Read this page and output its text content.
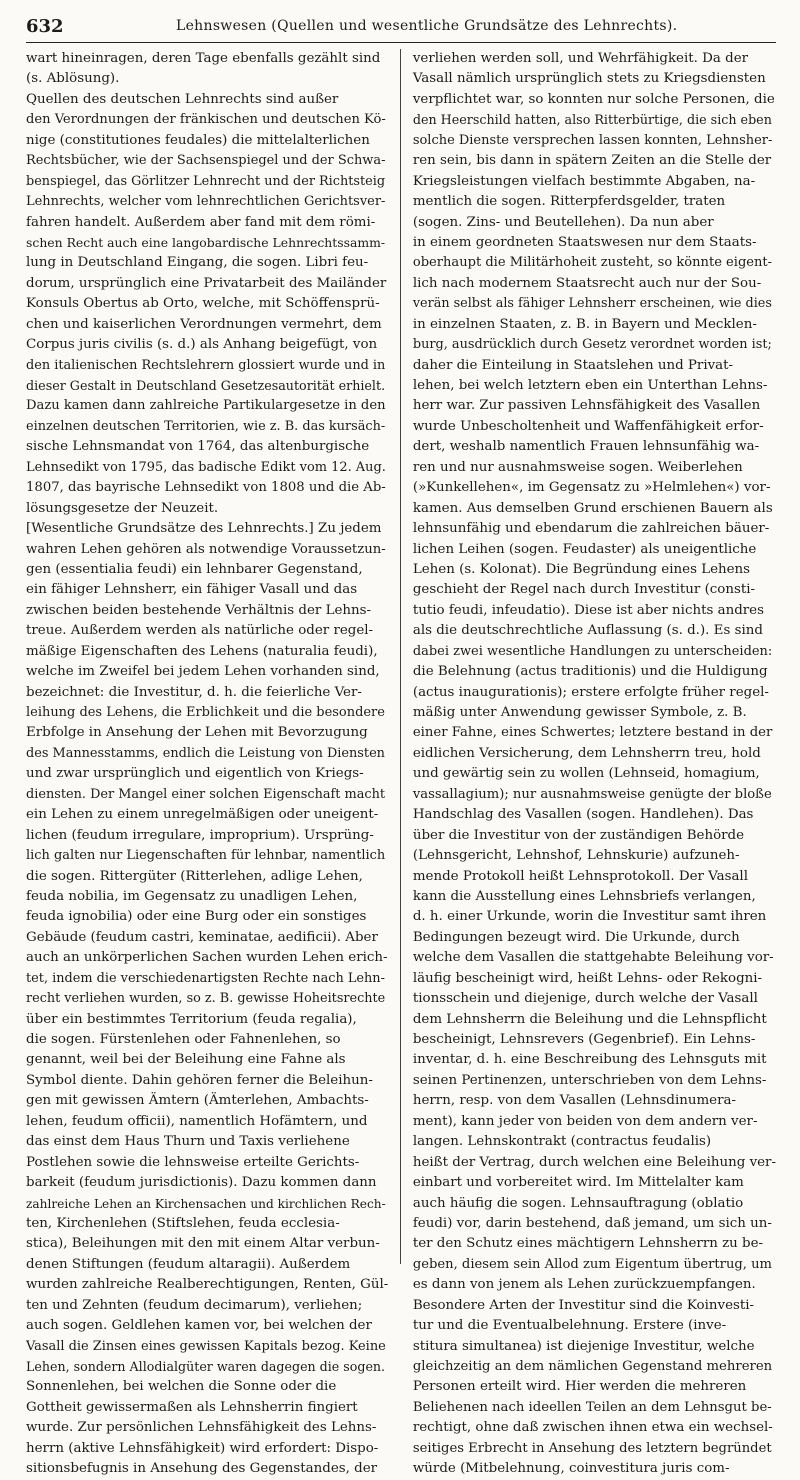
632	Lehnswesen (Quellen und wesentliche Grundsätze des Lehnrechts).
wart hineinragen, deren Tage ebenfalls gezählt sind
(s. Ablösung).
Quellen des deutschen Lehnrechts sind außer
den Verordnungen der fränkischen und deutschen Kö-
nige (constitutiones feudales) die mittelalterlichen
Rechtsbücher, wie der Sachsenspiegel und der Schwa-
benspiegel, das Görlitzer Lehnrecht und der Richtsteig
Lehnrechts, welcher vom lehnrechtlichen Gerichtsver-
fahren handelt. Außerdem aber fand mit dem römi-
schen Recht auch eine langobardische Lehnrechtssamm-
lung in Deutschland Eingang, die sogen. Libri feu-
dorum, ursprünglich eine Privatarbeit des Mailänder
Konsuls Obertus ab Orto, welche, mit Schöffensprü-
chen und kaiserlichen Verordnungen vermehrt, dem
Corpus juris civilis (s. d.) als Anhang beigefügt, von
den italienischen Rechtslehrern glossiert wurde und in
dieser Gestalt in Deutschland Gesetzesautorität erhielt.
Dazu kamen dann zahlreiche Partikulargesetze in den
einzelnen deutschen Territorien, wie z. B. das kursäch-
sische Lehnsmandat von 1764, das altenburgische
Lehnsedikt von 1795, das badische Edikt vom 12. Aug.
1807, das bayrische Lehnsedikt von 1808 und die Ab-
lösungsgesetze der Neuzeit.
[Wesentliche Grundsätze des Lehnrechts.] Zu jedem
wahren Lehen gehören als notwendige Voraussetzun-
gen (essentialia feudi) ein lehnbarer Gegenstand,
ein fähiger Lehnsherr, ein fähiger Vasall und das
zwischen beiden bestehende Verhältnis der Lehns-
treue. Außerdem werden als natürliche oder regel-
mäßige Eigenschaften des Lehens (naturalia feudi),
welche im Zweifel bei jedem Lehen vorhanden sind,
bezeichnet: die Investitur, d. h. die feierliche Ver-
leihung des Lehens, die Erblichkeit und die besondere
Erbfolge in Ansehung der Lehen mit Bevorzugung
des Mannesstamms, endlich die Leistung von Diensten
und zwar ursprünglich und eigentlich von Kriegs-
diensten. Der Mangel einer solchen Eigenschaft macht
ein Lehen zu einem unregelmäßigen oder uneigent-
lichen (feudum irregulare, improprium). Ursprüng-
lich galten nur Liegenschaften für lehnbar, namentlich
die sogen. Rittergüter (Ritterlehen, adlige Lehen,
feuda nobilia, im Gegensatz zu unadligen Lehen,
feuda ignobilia) oder eine Burg oder ein sonstiges
Gebäude (feudum castri, keminatae, aedificii). Aber
auch an unkörperlichen Sachen wurden Lehen erich-
tet, indem die verschiedenartigsten Rechte nach Lehn-
recht verliehen wurden, so z. B. gewisse Hoheitsrechte
über ein bestimmtes Territorium (feuda regalia),
die sogen. Fürstenlehen oder Fahnenlehen, so
genannt, weil bei der Beleihung eine Fahne als
Symbol diente. Dahin gehören ferner die Beleihun-
gen mit gewissen Ämtern (Ämterlehen, Ambachts-
lehen, feudum officii), namentlich Hofämtern, und
das einst dem Haus Thurn und Taxis verliehene
Postlehen sowie die lehnsweise erteilte Gerichts-
barkeit (feudum jurisdictionis). Dazu kommen dann
zahlreiche Lehen an Kirchensachen und kirchlichen Rech-
ten, Kirchenlehen (Stiftslehen, feuda ecclesia-
stica), Beleihungen mit den mit einem Altar verbun-
denen Stiftungen (feudum altaragii). Außerdem
wurden zahlreiche Realberechtigungen, Renten, Gül-
ten und Zehnten (feudum decimarum), verliehen;
auch sogen. Geldlehen kamen vor, bei welchen der
Vasall die Zinsen eines gewissen Kapitals bezog. Keine
Lehen, sondern Allodialgüter waren dagegen die sogen.
Sonnenlehen, bei welchen die Sonne oder die
Gottheit gewissermaßen als Lehnsherrin fingiert
wurde. Zur persönlichen Lehnsfähigkeit des Lehns-
herrn (aktive Lehnsfähigkeit) wird erfordert: Dispo-
sitionsbefugnis in Ansehung des Gegenstandes, der
verliehen werden soll, und Wehrfähigkeit. Da der
Vasall nämlich ursprünglich stets zu Kriegsdiensten
verpflichtet war, so konnten nur solche Personen, die
den Heerschild hatten, also Ritterbürtige, die sich eben
solche Dienste versprechen lassen konnten, Lehnsher-
ren sein, bis dann in spätern Zeiten an die Stelle der
Kriegsleistungen vielfach bestimmte Abgaben, na-
mentlich die sogen. Ritterpferdsgelder, traten
(sogen. Zins- und Beutellehen). Da nun aber
in einem geordneten Staatswesen nur dem Staats-
oberhaupt die Militärhoheit zusteht, so könnte eigent-
lich nach modernem Staatsrecht auch nur der Sou-
verän selbst als fähiger Lehnsherr erscheinen, wie dies
in einzelnen Staaten, z. B. in Bayern und Mecklen-
burg, ausdrücklich durch Gesetz verordnet worden ist;
daher die Einteilung in Staatslehen und Privat-
lehen, bei welch letztern eben ein Unterthan Lehns-
herr war. Zur passiven Lehnsfähigkeit des Vasallen
wurde Unbescholtenheit und Waffenfähigkeit erfor-
dert, weshalb namentlich Frauen lehnsunfähig wa-
ren und nur ausnahmsweise sogen. Weiberlehen
(»Kunkellehen«, im Gegensatz zu »Helmlehen«) vor-
kamen. Aus demselben Grund erschienen Bauern als
lehnsunfähig und ebendarum die zahlreichen bäuer-
lichen Leihen (sogen. Feudaster) als uneigentliche
Lehen (s. Kolonat). Die Begründung eines Lehens
geschieht der Regel nach durch Investitur (consti-
tutio feudi, infeudatio). Diese ist aber nichts andres
als die deutschrechtliche Auflassung (s. d.). Es sind
dabei zwei wesentliche Handlungen zu unterscheiden:
die Belehnung (actus traditionis) und die Huldigung
(actus inaugurationis); erstere erfolgte früher regel-
mäßig unter Anwendung gewisser Symbole, z. B.
einer Fahne, eines Schwertes; letztere bestand in der
eidlichen Versicherung, dem Lehnsherrn treu, hold
und gewärtig sein zu wollen (Lehnseid, homagium,
vassallagium); nur ausnahmsweise genügte der bloße
Handschlag des Vasallen (sogen. Handlehen). Das
über die Investitur von der zuständigen Behörde
(Lehnsgericht, Lehnshof, Lehnskurie) aufzuneh-
mende Protokoll heißt Lehnsprotokoll. Der Vasall
kann die Ausstellung eines Lehnsbriefs verlangen,
d. h. einer Urkunde, worin die Investitur samt ihren
Bedingungen bezeugt wird. Die Urkunde, durch
welche dem Vasallen die stattgehabte Beleihung vor-
läufig bescheinigt wird, heißt Lehns- oder Rekogni-
tionsschein und diejenige, durch welche der Vasall
dem Lehnsherrn die Beleihung und die Lehnspflicht
bescheinigt, Lehnsrevers (Gegenbrief). Ein Lehns-
inventar, d. h. eine Beschreibung des Lehnsguts mit
seinen Pertinenzen, unterschrieben von dem Lehns-
herrn, resp. von dem Vasallen (Lehnsdinumera-
ment), kann jeder von beiden von dem andern ver-
langen. Lehnskontrakt (contractus feudalis)
heißt der Vertrag, durch welchen eine Beleihung ver-
einbart und vorbereitet wird. Im Mittelalter kam
auch häufig die sogen. Lehnsauftragung (oblatio
feudi) vor, darin bestehend, daß jemand, um sich un-
ter den Schutz eines mächtigern Lehnsherrn zu be-
geben, diesem sein Allod zum Eigentum übertrug, um
es dann von jenem als Lehen zurückzuempfangen.
Besondere Arten der Investitur sind die Koinvesti-
tur und die Eventualbelehnung. Erstere (inve-
stitura simultanea) ist diejenige Investitur, welche
gleichzeitig an dem nämlichen Gegenstand mehreren
Personen erteilt wird. Hier werden die mehreren
Beliehenen nach ideellen Teilen an dem Lehnsgut be-
rechtigt, ohne daß zwischen ihnen etwa ein wechsel-
seitiges Erbrecht in Ansehung des letztern begründet
würde (Mitbelehnung, coinvestitura juris com-
